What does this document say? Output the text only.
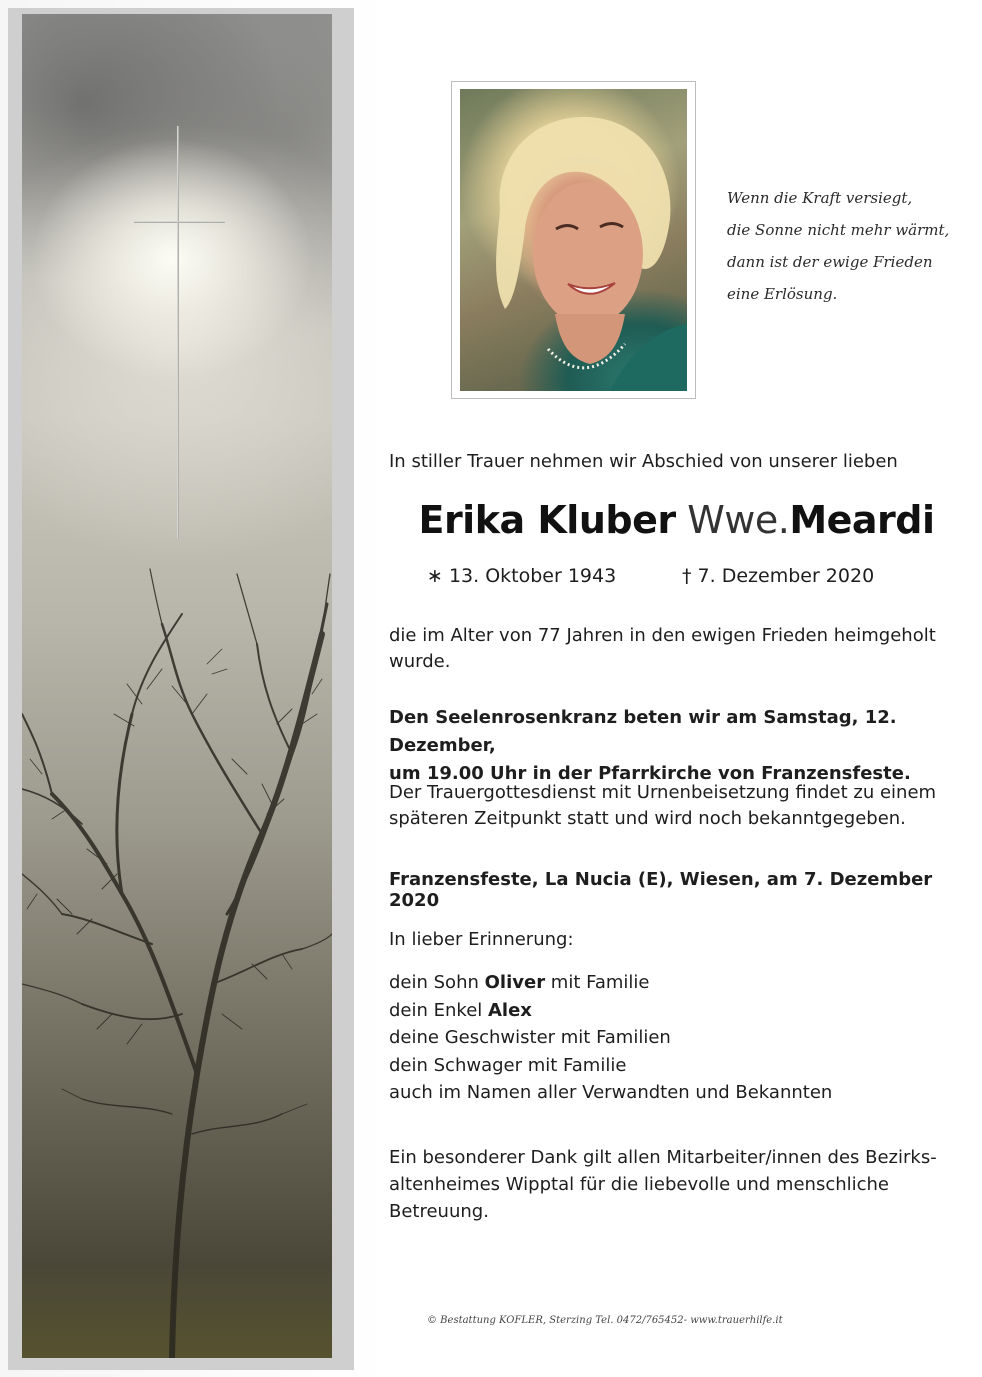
Wenn die Kraft versiegt,
die Sonne nicht mehr wärmt,
dann ist der ewige Frieden
eine Erlösung.
In stiller Trauer nehmen wir Abschied von unserer lieben
Erika Kluber Wwe.Meardi
∗ 13. Oktober 1943	† 7. Dezember 2020
die im Alter von 77 Jahren in den ewigen Frieden heimgeholt wurde.
Den Seelenrosenkranz beten wir am Samstag, 12. Dezember,
um 19.00 Uhr in der Pfarrkirche von Franzensfeste.
Der Trauergottesdienst mit Urnenbeisetzung findet zu einem späteren Zeitpunkt statt und wird noch bekanntgegeben.
Franzensfeste, La Nucia (E), Wiesen, am 7. Dezember 2020
In lieber Erinnerung:
dein Sohn Oliver mit Familie
dein Enkel Alex
deine Geschwister mit Familien
dein Schwager mit Familie
auch im Namen aller Verwandten und Bekannten
Ein besonderer Dank gilt allen Mitarbeiter/innen des Bezirks-altenheimes Wipptal für die liebevolle und menschliche Betreuung.
© Bestattung KOFLER, Sterzing Tel. 0472/765452- www.trauerhilfe.it
